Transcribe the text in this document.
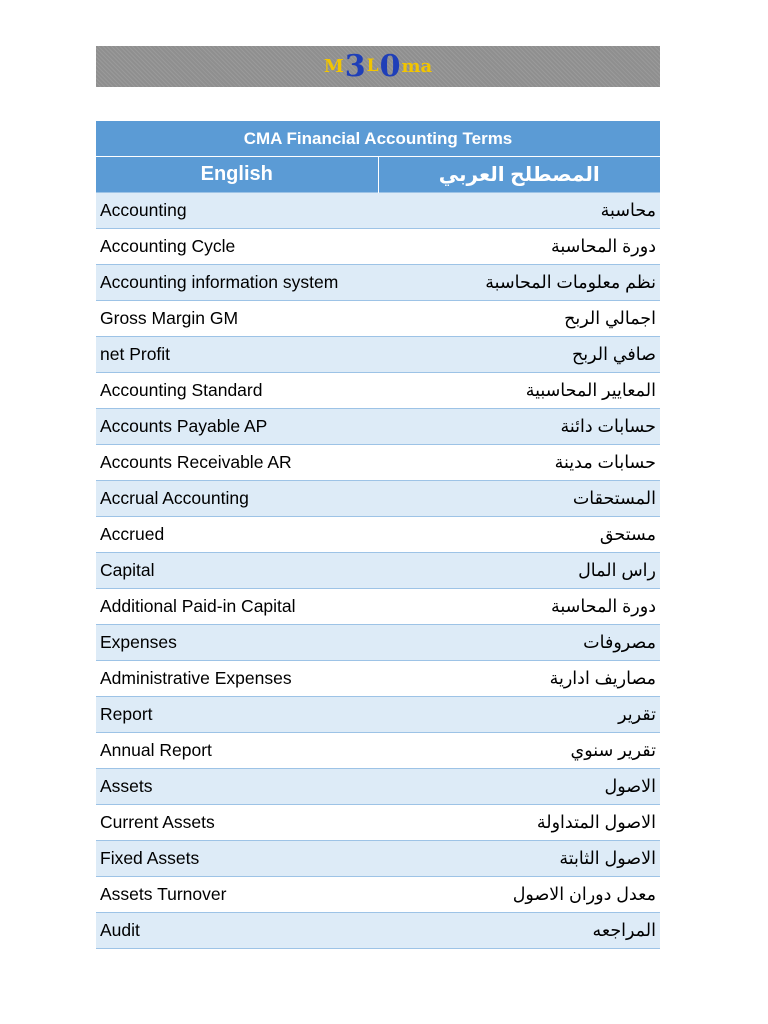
M 3 L 0 ma
CMA Financial Accounting Terms	
English	المصطلح العربي
Accounting	محاسبة
Accounting Cycle	دورة المحاسبة
Accounting information system	نظم معلومات المحاسبة
Gross Margin GM	اجمالي الربح
net Profit	صافي الربح
Accounting Standard	المعايير المحاسبية
Accounts Payable AP	حسابات دائنة
Accounts Receivable AR	حسابات مدينة
Accrual Accounting	المستحقات
Accrued	مستحق
Capital	راس المال
Additional Paid-in Capital	دورة المحاسبة
Expenses	مصروفات
Administrative Expenses	مصاريف ادارية
Report	تقرير
Annual Report	تقرير سنوي
Assets	الاصول
Current Assets	الاصول المتداولة
Fixed Assets	الاصول الثابتة
Assets Turnover	معدل دوران الاصول
Audit	المراجعه
